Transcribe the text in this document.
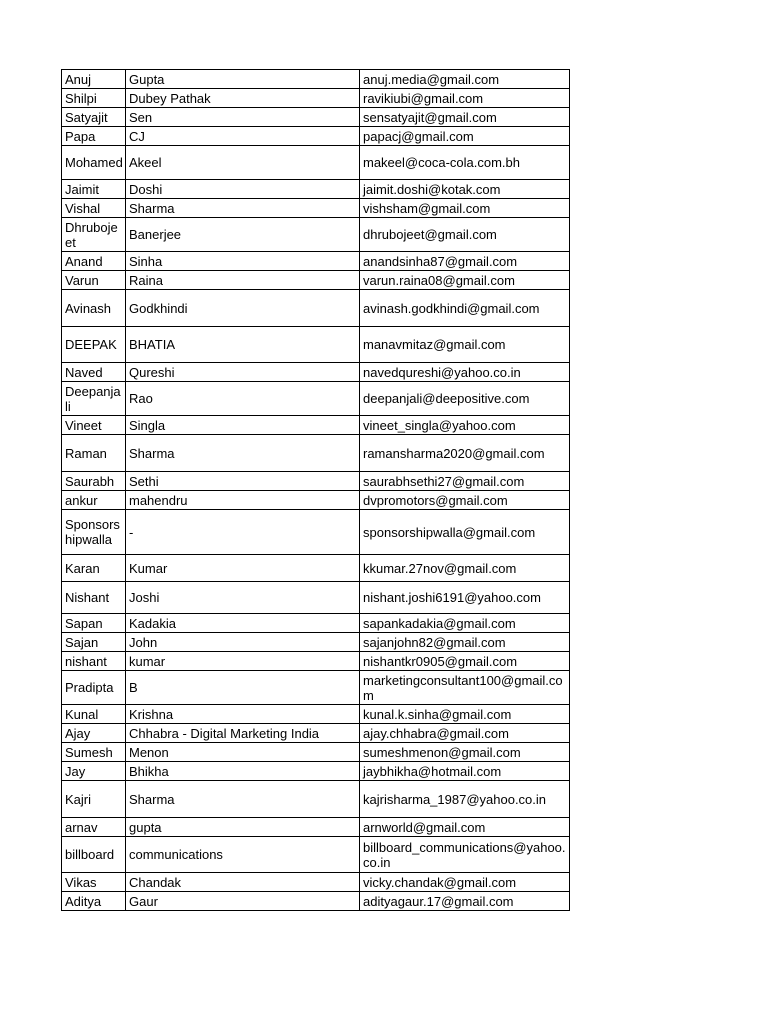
Anuj	Gupta	anuj.media@gmail.com
Shilpi	Dubey Pathak	ravikiubi@gmail.com
Satyajit	Sen	sensatyajit@gmail.com
Papa	CJ	papacj@gmail.com
Mohamed	Akeel	makeel@coca-cola.com.bh
Jaimit	Doshi	jaimit.doshi@kotak.com
Vishal	Sharma	vishsham@gmail.com
Dhrubojeet	Banerjee	dhrubojeet@gmail.com
Anand	Sinha	anandsinha87@gmail.com
Varun	Raina	varun.raina08@gmail.com
Avinash	Godkhindi	avinash.godkhindi@gmail.com
DEEPAK	BHATIA	manavmitaz@gmail.com
Naved	Qureshi	navedqureshi@yahoo.co.in
Deepanjali	Rao	deepanjali@deepositive.com
Vineet	Singla	vineet_singla@yahoo.com
Raman	Sharma	ramansharma2020@gmail.com
Saurabh	Sethi	saurabhsethi27@gmail.com
ankur	mahendru	dvpromotors@gmail.com
Sponsorshipwalla	-	sponsorshipwalla@gmail.com
Karan	Kumar	kkumar.27nov@gmail.com
Nishant	Joshi	nishant.joshi6191@yahoo.com
Sapan	Kadakia	sapankadakia@gmail.com
Sajan	John	sajanjohn82@gmail.com
nishant	kumar	nishantkr0905@gmail.com
Pradipta	B	marketingconsultant100@gmail.com
Kunal	Krishna	kunal.k.sinha@gmail.com
Ajay	Chhabra - Digital Marketing India	ajay.chhabra@gmail.com
Sumesh	Menon	sumeshmenon@gmail.com
Jay	Bhikha	jaybhikha@hotmail.com
Kajri	Sharma	kajrisharma_1987@yahoo.co.in
arnav	gupta	arnworld@gmail.com
billboard	communications	billboard_communications@yahoo.co.in
Vikas	Chandak	vicky.chandak@gmail.com
Aditya	Gaur	adityagaur.17@gmail.com
